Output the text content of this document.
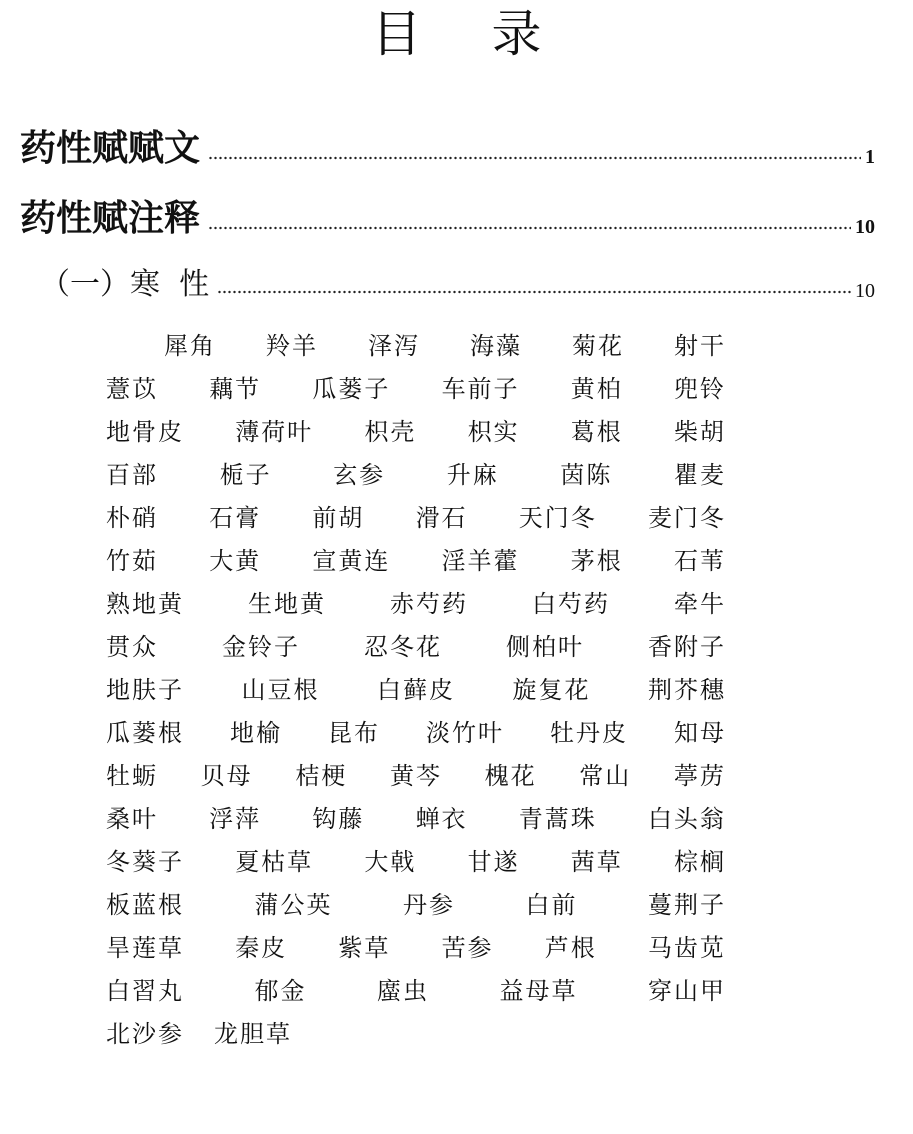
目 录
药性赋赋文	1
药性赋注释	10
（一）寒  性	10
犀角 羚羊 泽泻 海藻 菊花 射干
薏苡 藕节 瓜蒌子 车前子 黄柏 兜铃
地骨皮 薄荷叶 枳壳 枳实 葛根 柴胡
百部	栀子	玄参	升麻	茵陈	瞿麦
朴硝 石膏 前胡 滑石 天门冬 麦门冬
竹茹 大黄 宣黄连 淫羊藿 茅根 石苇
熟地黄	生地黄	赤芍药	白芍药	牵牛
贯众	金铃子	忍冬花	侧柏叶	香附子
地肤子 山豆根 白藓皮 旋复花 荆芥穗
瓜蒌根 地榆 昆布 淡竹叶 牡丹皮 知母
牡蛎 贝母 桔梗 黄芩 槐花 常山 葶苈
桑叶 浮萍 钩藤 蝉衣 青蒿珠 白头翁
冬葵子 夏枯草 大戟 甘遂 茜草 棕榈
板蓝根	蒲公英	丹参	白前	蔓荆子
旱莲草 秦皮 紫草 苦参 芦根 马齿苋
白習丸	郁金	䗪虫	益母草	穿山甲
北沙参 龙胆草
